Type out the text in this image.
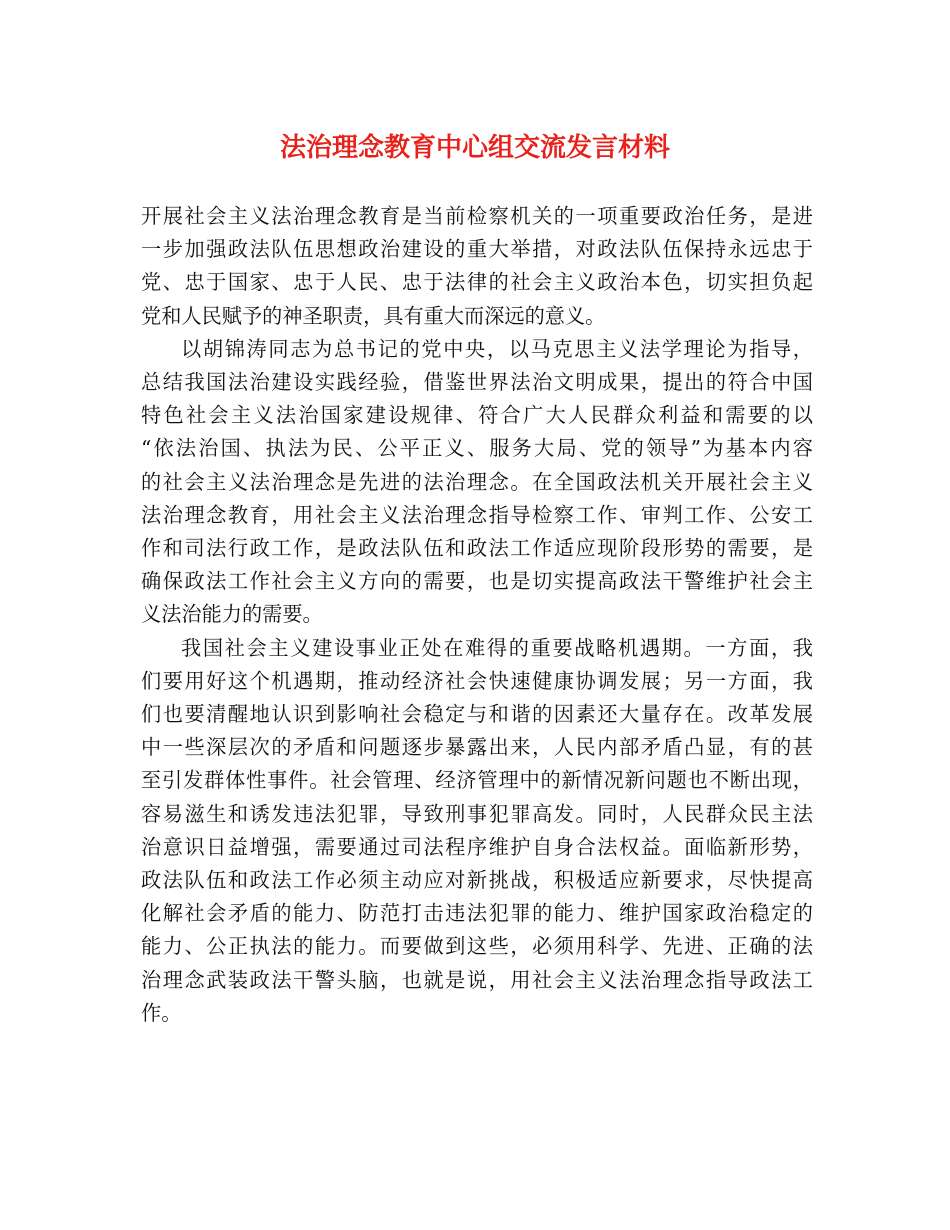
法治理念教育中心组交流发言材料

开展社会主义法治理念教育是当前检察机关的一项重要政治任务，是进
一步加强政法队伍思想政治建设的重大举措，对政法队伍保持永远忠于
党、忠于国家、忠于人民、忠于法律的社会主义政治本色，切实担负起
党和人民赋予的神圣职责，具有重大而深远的意义。

以胡锦涛同志为总书记的党中央，以马克思主义法学理论为指导，
总结我国法治建设实践经验，借鉴世界法治文明成果，提出的符合中国
特色社会主义法治国家建设规律、符合广大人民群众利益和需要的以
“依法治国、执法为民、公平正义、服务大局、党的领导”为基本内容
的社会主义法治理念是先进的法治理念。在全国政法机关开展社会主义
法治理念教育，用社会主义法治理念指导检察工作、审判工作、公安工
作和司法行政工作，是政法队伍和政法工作适应现阶段形势的需要，是
确保政法工作社会主义方向的需要，也是切实提高政法干警维护社会主
义法治能力的需要。

我国社会主义建设事业正处在难得的重要战略机遇期。一方面，我
们要用好这个机遇期，推动经济社会快速健康协调发展；另一方面，我
们也要清醒地认识到影响社会稳定与和谐的因素还大量存在。改革发展
中一些深层次的矛盾和问题逐步暴露出来，人民内部矛盾凸显，有的甚
至引发群体性事件。社会管理、经济管理中的新情况新问题也不断出现，
容易滋生和诱发违法犯罪，导致刑事犯罪高发。同时，人民群众民主法
治意识日益增强，需要通过司法程序维护自身合法权益。面临新形势，
政法队伍和政法工作必须主动应对新挑战，积极适应新要求，尽快提高
化解社会矛盾的能力、防范打击违法犯罪的能力、维护国家政治稳定的
能力、公正执法的能力。而要做到这些，必须用科学、先进、正确的法
治理念武装政法干警头脑，也就是说，用社会主义法治理念指导政法工
作。
